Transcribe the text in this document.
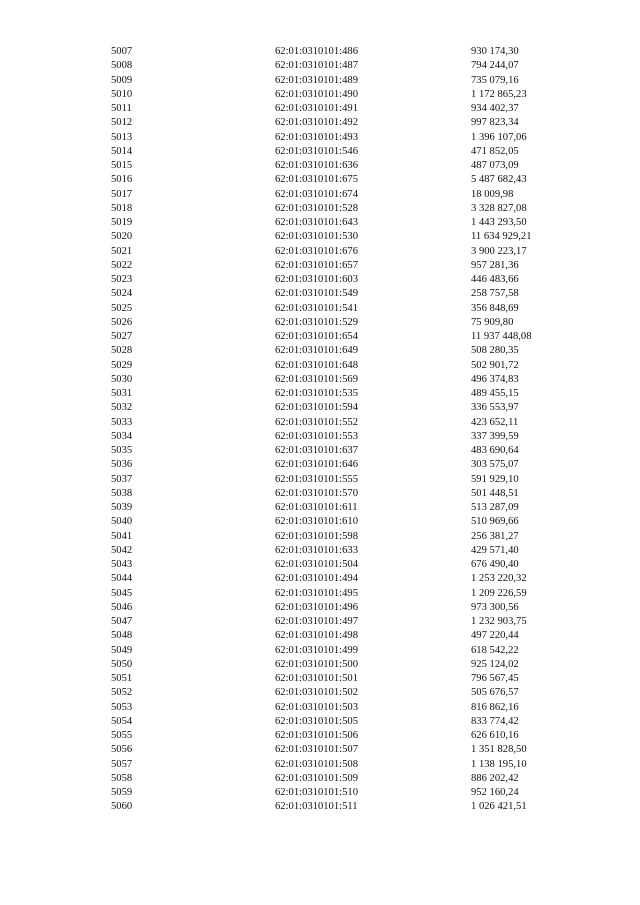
5007	62:01:0310101:486	930 174,30
5008	62:01:0310101:487	794 244,07
5009	62:01:0310101:489	735 079,16
5010	62:01:0310101:490	1 172 865,23
5011	62:01:0310101:491	934 402,37
5012	62:01:0310101:492	997 823,34
5013	62:01:0310101:493	1 396 107,06
5014	62:01:0310101:546	471 852,05
5015	62:01:0310101:636	487 073,09
5016	62:01:0310101:675	5 487 682,43
5017	62:01:0310101:674	18 009,98
5018	62:01:0310101:528	3 328 827,08
5019	62:01:0310101:643	1 443 293,50
5020	62:01:0310101:530	11 634 929,21
5021	62:01:0310101:676	3 900 223,17
5022	62:01:0310101:657	957 281,36
5023	62:01:0310101:603	446 483,66
5024	62:01:0310101:549	258 757,58
5025	62:01:0310101:541	356 848,69
5026	62:01:0310101:529	75 909,80
5027	62:01:0310101:654	11 937 448,08
5028	62:01:0310101:649	508 280,35
5029	62:01:0310101:648	502 901,72
5030	62:01:0310101:569	496 374,83
5031	62:01:0310101:535	489 455,15
5032	62:01:0310101:594	336 553,97
5033	62:01:0310101:552	423 652,11
5034	62:01:0310101:553	337 399,59
5035	62:01:0310101:637	483 690,64
5036	62:01:0310101:646	303 575,07
5037	62:01:0310101:555	591 929,10
5038	62:01:0310101:570	501 448,51
5039	62:01:0310101:611	513 287,09
5040	62:01:0310101:610	510 969,66
5041	62:01:0310101:598	256 381,27
5042	62:01:0310101:633	429 571,40
5043	62:01:0310101:504	676 490,40
5044	62:01:0310101:494	1 253 220,32
5045	62:01:0310101:495	1 209 226,59
5046	62:01:0310101:496	973 300,56
5047	62:01:0310101:497	1 232 903,75
5048	62:01:0310101:498	497 220,44
5049	62:01:0310101:499	618 542,22
5050	62:01:0310101:500	925 124,02
5051	62:01:0310101:501	796 567,45
5052	62:01:0310101:502	505 676,57
5053	62:01:0310101:503	816 862,16
5054	62:01:0310101:505	833 774,42
5055	62:01:0310101:506	626 610,16
5056	62:01:0310101:507	1 351 828,50
5057	62:01:0310101:508	1 138 195,10
5058	62:01:0310101:509	886 202,42
5059	62:01:0310101:510	952 160,24
5060	62:01:0310101:511	1 026 421,51
